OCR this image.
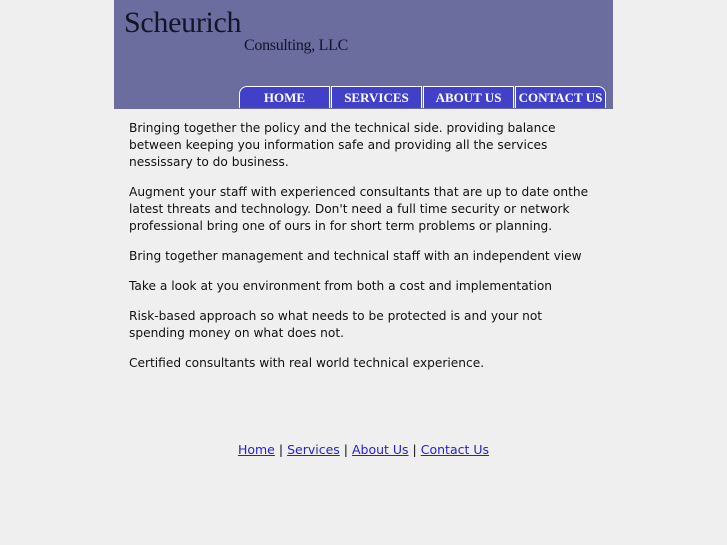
Scheurich
Consulting, LLC
HOME	SERVICES	ABOUT US	CONTACT US

Bringing together the policy and the technical side. providing balance between keeping you information safe and providing all the services nessissary to do business.

Augment your staff with experienced consultants that are up to date onthe latest threats and technology. Don't need a full time security or network professional bring one of ours in for short term problems or planning.

Bring together management and technical staff with an independent view

Take a look at you environment from both a cost and implementation

Risk-based approach so what needs to be protected is and your not spending money on what does not.

Certified consultants with real world technical experience.

Home | Services | About Us | Contact Us
